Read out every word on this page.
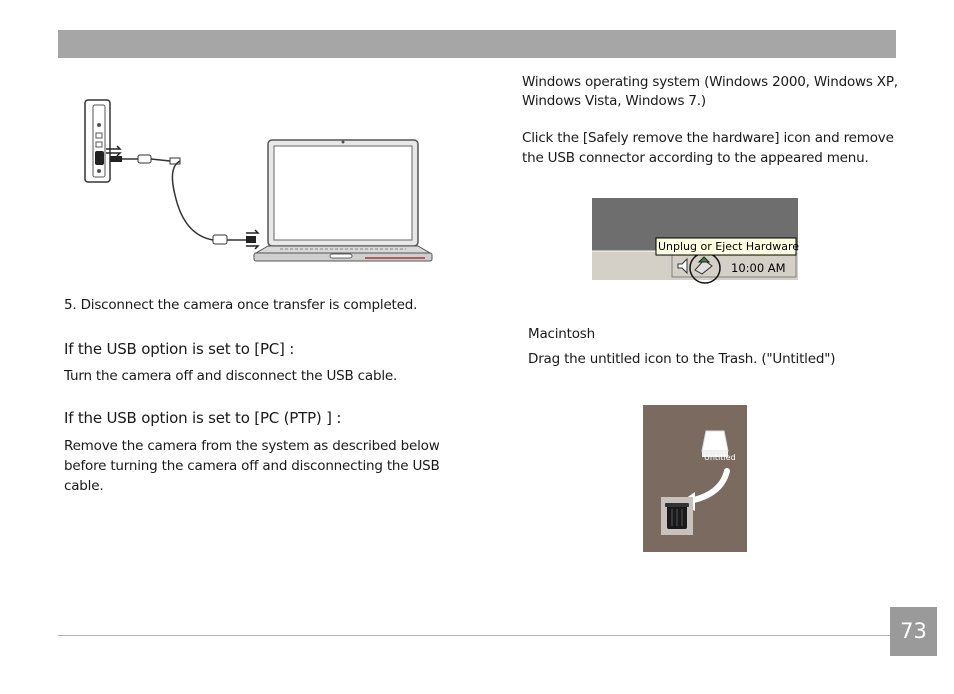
5. Disconnect the camera once transfer is completed.
If the USB option is set to [PC] :
Turn the camera off and disconnect the USB cable.
If the USB option is set to [PC (PTP) ] :
Remove the camera from the system as described below
before turning the camera off and disconnecting the USB
cable.
Windows operating system (Windows 2000, Windows XP,
Windows Vista, Windows 7.)
Click the [Safely remove the hardware] icon and remove
the USB connector according to the appeared menu.
Unplug or Eject Hardware
10:00 AM
Macintosh
Drag the untitled icon to the Trash. ("Untitled")
Untitled
73
